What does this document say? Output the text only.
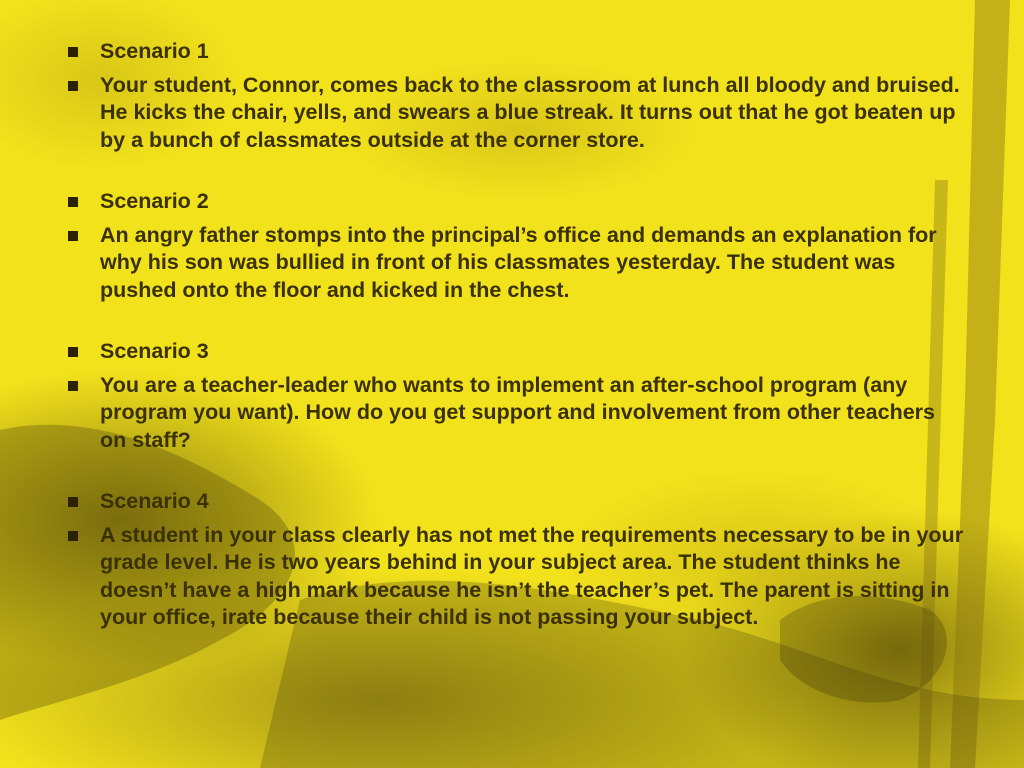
Scenario 1
Your student, Connor, comes back to the classroom at lunch all bloody and bruised. He kicks the chair, yells, and swears a blue streak. It turns out that he got beaten up by a bunch of classmates outside at the corner store.
Scenario 2
An angry father stomps into the principal’s office and demands an explanation for why his son was bullied in front of his classmates yesterday. The student was pushed onto the floor and kicked in the chest.
Scenario 3
You are a teacher-leader who wants to implement an after-school program (any program you want). How do you get support and involvement from other teachers on staff?
Scenario 4
A student in your class clearly has not met the requirements necessary to be in your grade level. He is two years behind in your subject area. The student thinks he doesn’t have a high mark because he isn’t the teacher’s pet. The parent is sitting in your office, irate because their child is not passing your subject.
